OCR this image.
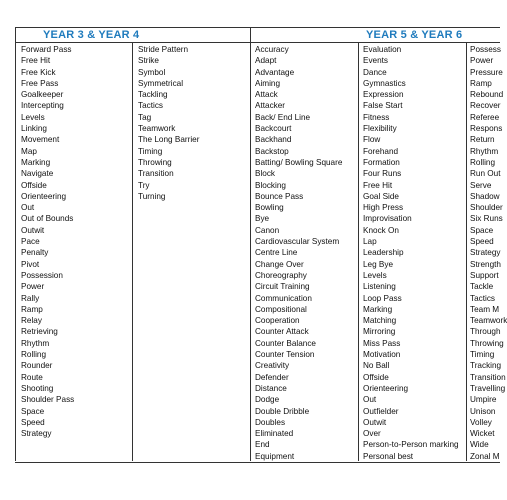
YEAR 3 & YEAR 4	YEAR 5 & YEAR 6
Forward Pass
Free Hit
Free Kick
Free Pass
Goalkeeper
Intercepting
Levels
Linking
Movement
Map
Marking
Navigate
Offside
Orienteering
Out
Out of Bounds
Outwit
Pace
Penalty
Pivot
Possession
Power
Rally
Ramp
Relay
Retrieving
Rhythm
Rolling
Rounder
Route
Shooting
Shoulder Pass
Space
Speed
Strategy
Stride Pattern
Strike
Symbol
Symmetrical
Tackling
Tactics
Tag
Teamwork
The Long Barrier
Timing
Throwing
Transition
Try
Turning
Accuracy
Adapt
Advantage
Aiming
Attack
Attacker
Back/ End Line
Backcourt
Backhand
Backstop
Batting/ Bowling Square
Block
Blocking
Bounce Pass
Bowling
Bye
Canon
Cardiovascular System
Centre Line
Change Over
Choreography
Circuit Training
Communication
Compositional
Cooperation
Counter Attack
Counter Balance
Counter Tension
Creativity
Defender
Distance
Dodge
Double Dribble
Doubles
Eliminated
End
Equipment
Evaluation
Events
Dance
Gymnastics
Expression
False Start
Fitness
Flexibility
Flow
Forehand
Formation
Four Runs
Free Hit
Goal Side
High Press
Improvisation
Knock On
Lap
Leadership
Leg Bye
Levels
Listening
Loop Pass
Marking
Matching
Mirroring
Miss Pass
Motivation
No Ball
Offside
Orienteering
Out
Outfielder
Outwit
Over
Person-to-Person marking
Personal best
Possess
Power
Pressure
Ramp
Rebound
Recover
Referee
Respons
Return
Rhythm
Rolling
Run Out
Serve
Shadow
Shoulder
Six Runs
Space
Speed
Strategy
Strength
Support
Tackle
Tactics
Team M
Teamwork
Through
Throwing
Timing
Tracking
Transition
Travelling
Umpire
Unison
Volley
Wicket
Wide
Zonal M
